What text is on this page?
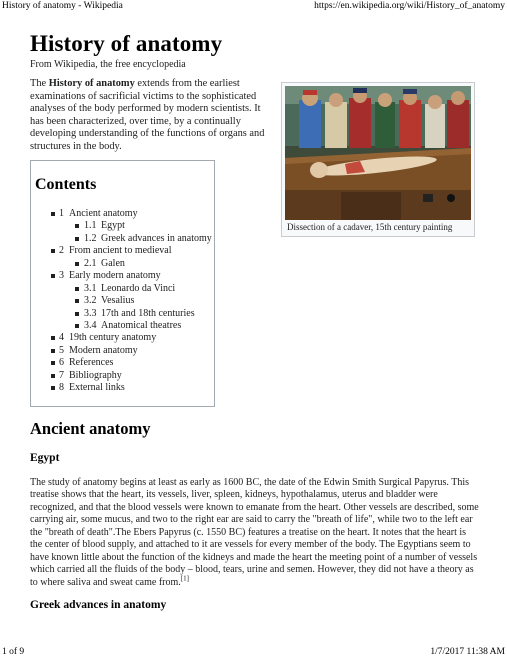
History of anatomy - Wikipedia	https://en.wikipedia.org/wiki/History_of_anatomy
History of anatomy
From Wikipedia, the free encyclopedia

The History of anatomy extends from the earliest examinations of sacrificial victims to the sophisticated analyses of the body performed by modern scientists. It has been characterized, over time, by a continually developing understanding of the functions of organs and structures in the body.

Dissection of a cadaver, 15th century painting
Contents
1 Ancient anatomy
1.1 Egypt
1.2 Greek advances in anatomy
2 From ancient to medieval
2.1 Galen
3 Early modern anatomy
3.1 Leonardo da Vinci
3.2 Vesalius
3.3 17th and 18th centuries
3.4 Anatomical theatres
4 19th century anatomy
5 Modern anatomy
6 References
7 Bibliography
8 External links
Ancient anatomy
Egypt

The study of anatomy begins at least as early as 1600 BC, the date of the Edwin Smith Surgical Papyrus. This treatise shows that the heart, its vessels, liver, spleen, kidneys, hypothalamus, uterus and bladder were recognized, and that the blood vessels were known to emanate from the heart. Other vessels are described, some carrying air, some mucus, and two to the right ear are said to carry the "breath of life", while two to the left ear the "breath of death".The Ebers Papyrus (c. 1550 BC) features a treatise on the heart. It notes that the heart is the center of blood supply, and attached to it are vessels for every member of the body. The Egyptians seem to have known little about the function of the kidneys and made the heart the meeting point of a number of vessels which carried all the fluids of the body – blood, tears, urine and semen. However, they did not have a theory as to where saliva and sweat came from.[1]

Greek advances in anatomy
1 of 9	1/7/2017 11:38 AM
